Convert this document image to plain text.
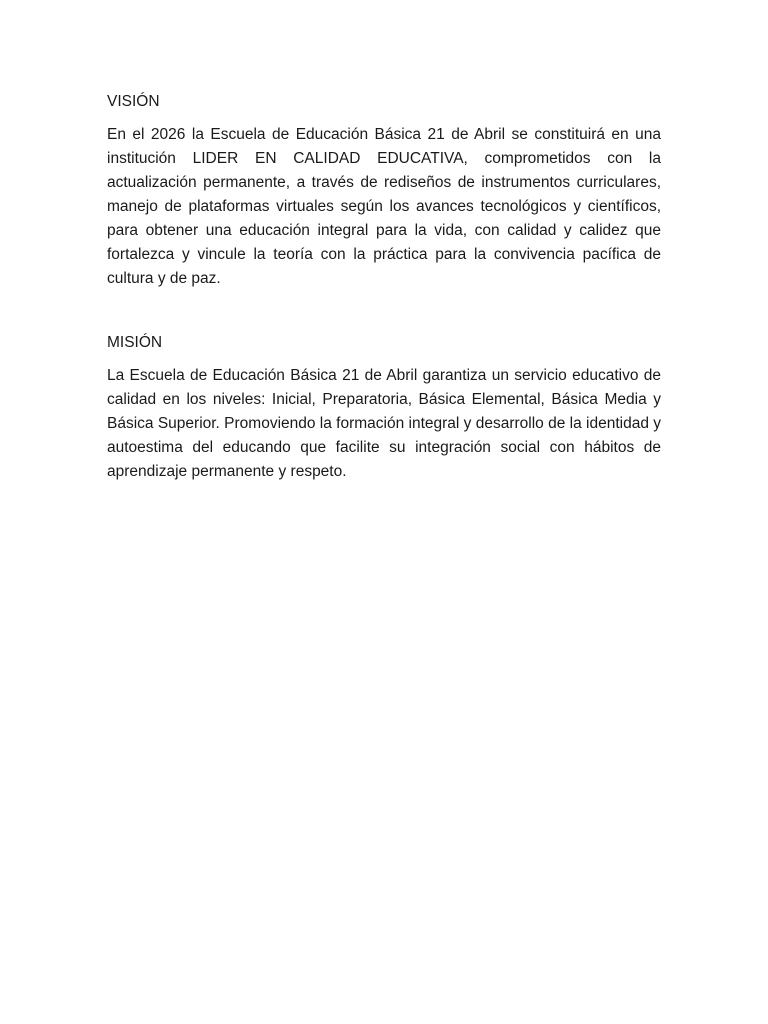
VISIÓN

En el 2026 la Escuela de Educación Básica 21 de Abril se constituirá en una institución LIDER EN CALIDAD EDUCATIVA, comprometidos con la actualización permanente, a través de rediseños de instrumentos curriculares, manejo de plataformas virtuales según los avances tecnológicos y científicos, para obtener una educación integral para la vida, con calidad y calidez que fortalezca y vincule la teoría con la práctica para la convivencia pacífica de cultura y de paz.

MISIÓN

La Escuela de Educación Básica 21 de Abril garantiza un servicio educativo de calidad en los niveles: Inicial, Preparatoria, Básica Elemental, Básica Media y Básica Superior. Promoviendo la formación integral y desarrollo de la identidad y autoestima del educando que facilite su integración social con hábitos de aprendizaje permanente y respeto.
